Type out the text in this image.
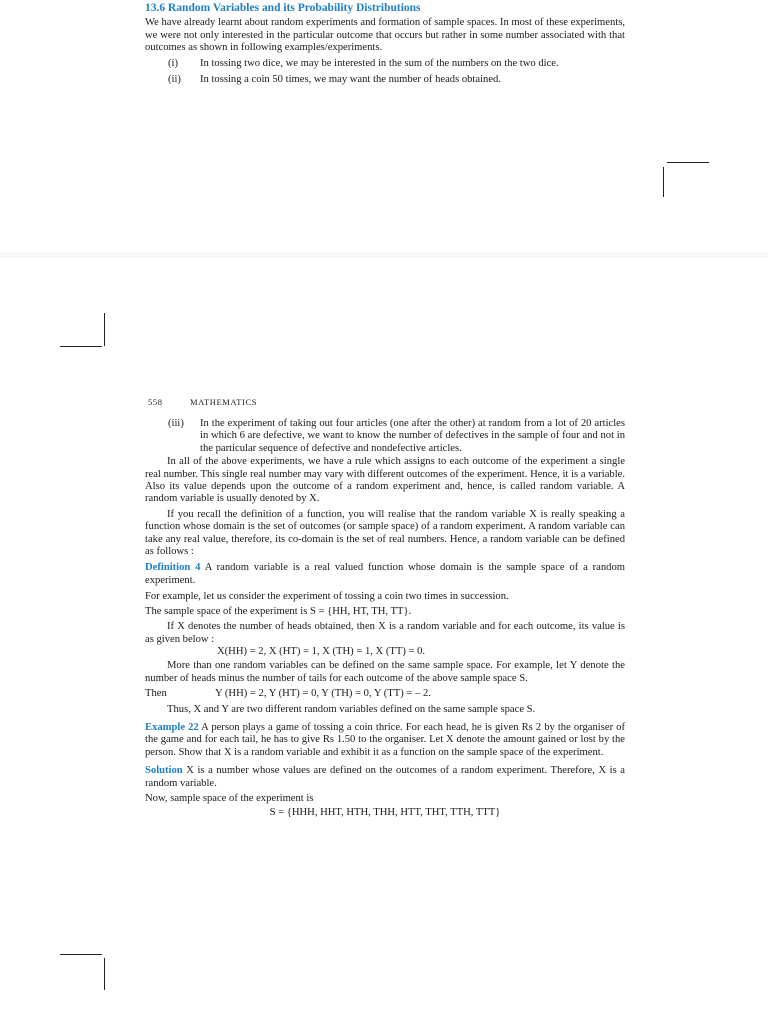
13.6 Random Variables and its Probability Distributions

We have already learnt about random experiments and formation of sample spaces. In most of these experiments, we were not only interested in the particular outcome that occurs but rather in some number associated with that outcomes as shown in following examples/experiments.

(i)	In tossing two dice, we may be interested in the sum of the numbers on the two dice.
(ii)	In tossing a coin 50 times, we may want the number of heads obtained.
558	MATHEMATICS
(iii)	In the experiment of taking out four articles (one after the other) at random from a lot of 20 articles in which 6 are defective, we want to know the number of defectives in the sample of four and not in the particular sequence of defective and nondefective articles.

In all of the above experiments, we have a rule which assigns to each outcome of the experiment a single real number. This single real number may vary with different outcomes of the experiment. Hence, it is a variable. Also its value depends upon the outcome of a random experiment and, hence, is called random variable. A random variable is usually denoted by X.

If you recall the definition of a function, you will realise that the random variable X is really speaking a function whose domain is the set of outcomes (or sample space) of a random experiment. A random variable can take any real value, therefore, its co-domain is the set of real numbers. Hence, a random variable can be defined as follows :

Definition 4 A random variable is a real valued function whose domain is the sample space of a random experiment.

For example, let us consider the experiment of tossing a coin two times in succession.

The sample space of the experiment is S = {HH, HT, TH, TT}.

If X denotes the number of heads obtained, then X is a random variable and for each outcome, its value is as given below :

X(HH) = 2, X (HT) = 1, X (TH) = 1, X (TT) = 0.

More than one random variables can be defined on the same sample space. For example, let Y denote the number of heads minus the number of tails for each outcome of the above sample space S.

Then	Y (HH) = 2, Y (HT) = 0, Y (TH) = 0, Y (TT) = – 2.

Thus, X and Y are two different random variables defined on the same sample space S.

Example 22 A person plays a game of tossing a coin thrice. For each head, he is given Rs 2 by the organiser of the game and for each tail, he has to give Rs 1.50 to the organiser. Let X denote the amount gained or lost by the person. Show that X is a random variable and exhibit it as a function on the sample space of the experiment.

Solution X is a number whose values are defined on the outcomes of a random experiment. Therefore, X is a random variable.

Now, sample space of the experiment is

S = {HHH, HHT, HTH, THH, HTT, THT, TTH, TTT}
